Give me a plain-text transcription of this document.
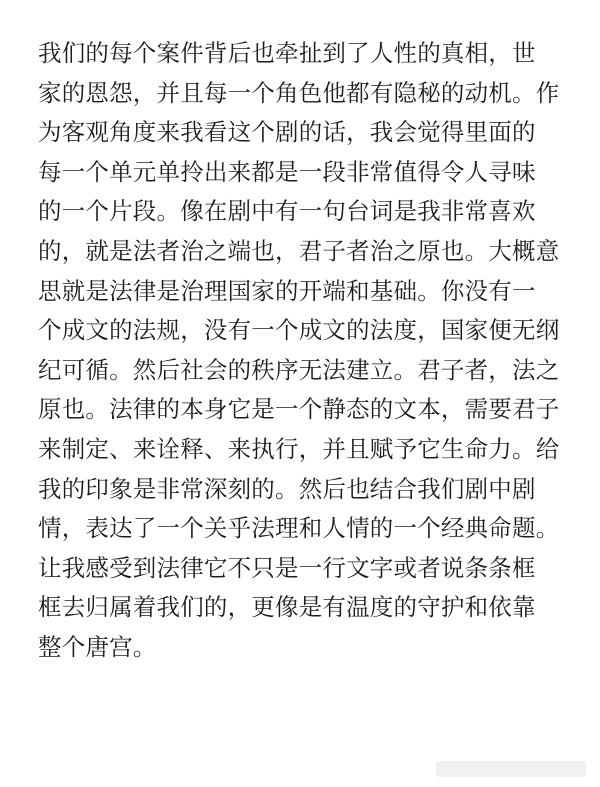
我们的每个案件背后也牵扯到了人性的真相，世
家的恩怨，并且每一个角色他都有隐秘的动机。作
为客观角度来我看这个剧的话，我会觉得里面的
每一个单元单拎出来都是一段非常值得令人寻味
的一个片段。像在剧中有一句台词是我非常喜欢
的，就是法者治之端也，君子者治之原也。大概意
思就是法律是治理国家的开端和基础。你没有一
个成文的法规，没有一个成文的法度，国家便无纲
纪可循。然后社会的秩序无法建立。君子者，法之
原也。法律的本身它是一个静态的文本，需要君子
来制定、来诠释、来执行，并且赋予它生命力。给
我的印象是非常深刻的。然后也结合我们剧中剧
情，表达了一个关乎法理和人情的一个经典命题。
让我感受到法律它不只是一行文字或者说条条框
框去归属着我们的，更像是有温度的守护和依靠
整个唐宫。
